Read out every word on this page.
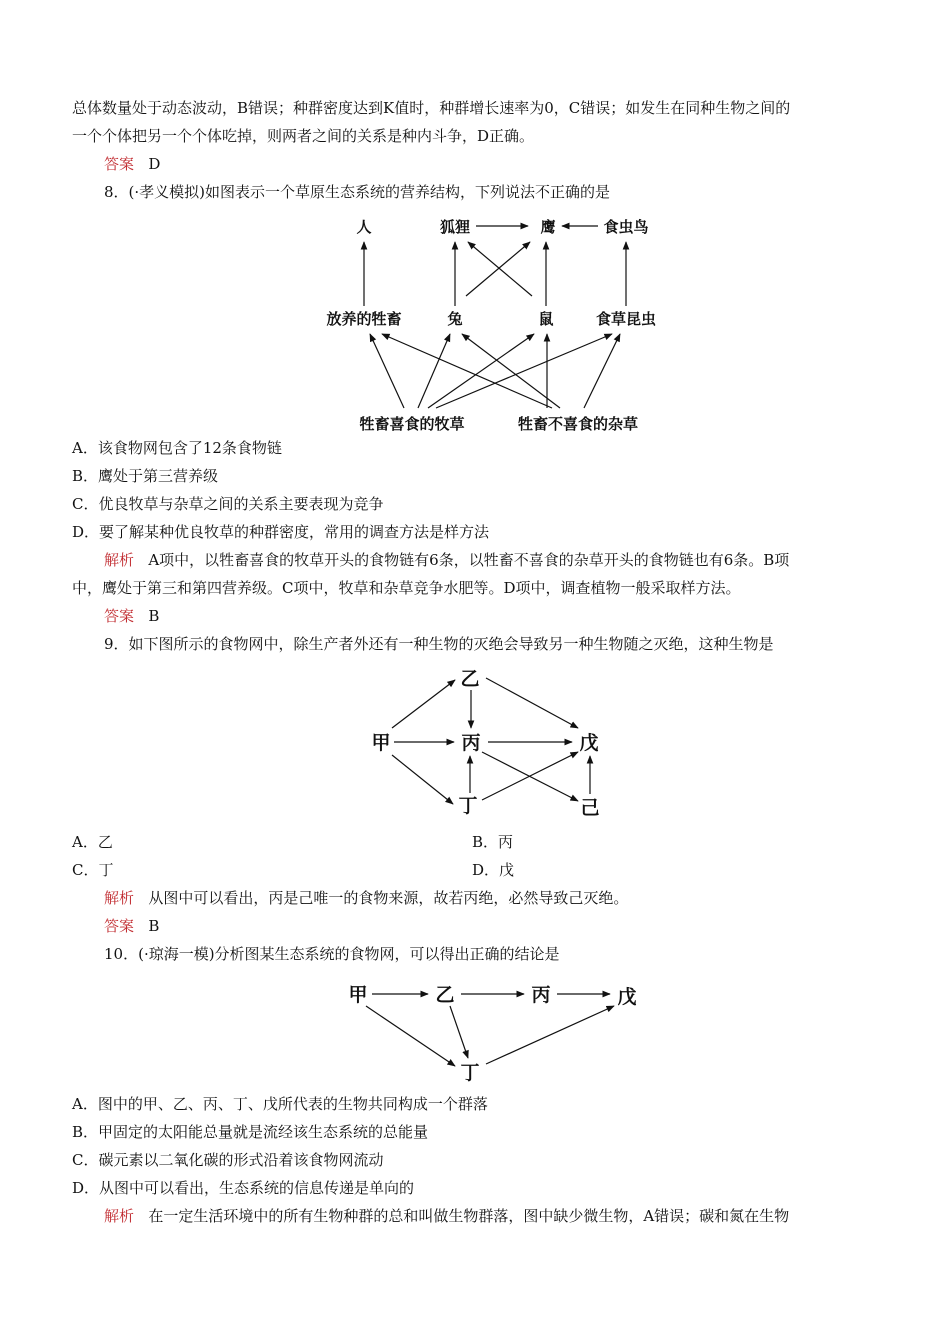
总体数量处于动态波动，B错误；种群密度达到K值时，种群增长速率为0，C错误；如发生在同种生物之间的
一个个体把另一个个体吃掉，则两者之间的关系是种内斗争，D正确。
答案 D
8．(·孝义模拟)如图表示一个草原生态系统的营养结构，下列说法不正确的是
人	狐狸	鹰	食虫鸟
放养的牲畜	兔	鼠	食草昆虫
牲畜喜食的牧草	牲畜不喜食的杂草
A．该食物网包含了12条食物链
B．鹰处于第三营养级
C．优良牧草与杂草之间的关系主要表现为竞争
D．要了解某种优良牧草的种群密度，常用的调查方法是样方法
解析 A项中，以牲畜喜食的牧草开头的食物链有6条，以牲畜不喜食的杂草开头的食物链也有6条。B项
中，鹰处于第三和第四营养级。C项中，牧草和杂草竞争水肥等。D项中，调查植物一般采取样方法。
答案 B
9．如下图所示的食物网中，除生产者外还有一种生物的灭绝会导致另一种生物随之灭绝，这种生物是
乙
甲	丙	戊
丁	己
A．乙	B．丙
C．丁	D．戊
解析 从图中可以看出，丙是己唯一的食物来源，故若丙绝，必然导致己灭绝。
答案 B
10．(·琼海一模)分析图某生态系统的食物网，可以得出正确的结论是
甲	乙	丙	戊
丁
A．图中的甲、乙、丙、丁、戊所代表的生物共同构成一个群落
B．甲固定的太阳能总量就是流经该生态系统的总能量
C．碳元素以二氧化碳的形式沿着该食物网流动
D．从图中可以看出，生态系统的信息传递是单向的
解析 在一定生活环境中的所有生物种群的总和叫做生物群落，图中缺少微生物，A错误；碳和氮在生物
